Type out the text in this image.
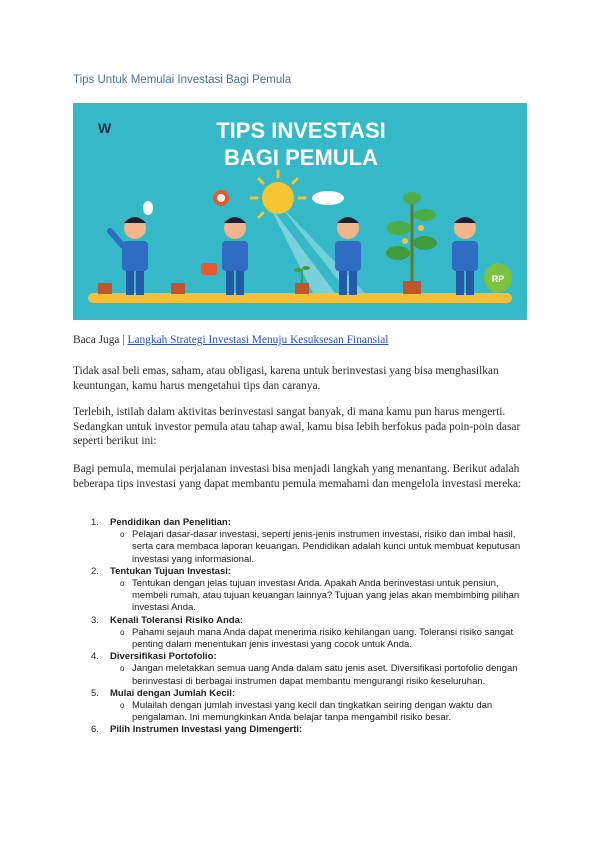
Tips Untuk Memulai Investasi Bagi Pemula
W	TIPS INVESTASI
BAGI PEMULA
RP
Baca Juga | Langkah Strategi Investasi Menuju Kesuksesan Finansial
Tidak asal beli emas, saham, atau obligasi, karena untuk berinvestasi yang bisa menghasilkan keuntungan, kamu harus mengetahui tips dan caranya.
Terlebih, istilah dalam aktivitas berinvestasi sangat banyak, di mana kamu pun harus mengerti. Sedangkan untuk investor pemula atau tahap awal, kamu bisa lebih berfokus pada poin-poin dasar seperti berikut ini:
Bagi pemula, memulai perjalanan investasi bisa menjadi langkah yang menantang. Berikut adalah beberapa tips investasi yang dapat membantu pemula memahami dan mengelola investasi mereka:
1. Pendidikan dan Penelitian:
o Pelajari dasar-dasar investasi, seperti jenis-jenis instrumen investasi, risiko dan imbal hasil, serta cara membaca laporan keuangan. Pendidikan adalah kunci untuk membuat keputusan investasi yang informasional.
2. Tentukan Tujuan Investasi:
o Tentukan dengan jelas tujuan investasi Anda. Apakah Anda berinvestasi untuk pensiun, membeli rumah, atau tujuan keuangan lainnya? Tujuan yang jelas akan membimbing pilihan investasi Anda.
3. Kenali Toleransi Risiko Anda:
o Pahami sejauh mana Anda dapat menerima risiko kehilangan uang. Toleransi risiko sangat penting dalam menentukan jenis investasi yang cocok untuk Anda.
4. Diversifikasi Portofolio:
o Jangan meletakkan semua uang Anda dalam satu jenis aset. Diversifikasi portofolio dengan berinvestasi di berbagai instrumen dapat membantu mengurangi risiko keseluruhan.
5. Mulai dengan Jumlah Kecil:
o Mulailah dengan jumlah investasi yang kecil dan tingkatkan seiring dengan waktu dan pengalaman. Ini memungkinkan Anda belajar tanpa mengambil risiko besar.
6. Pilih Instrumen Investasi yang Dimengerti:
